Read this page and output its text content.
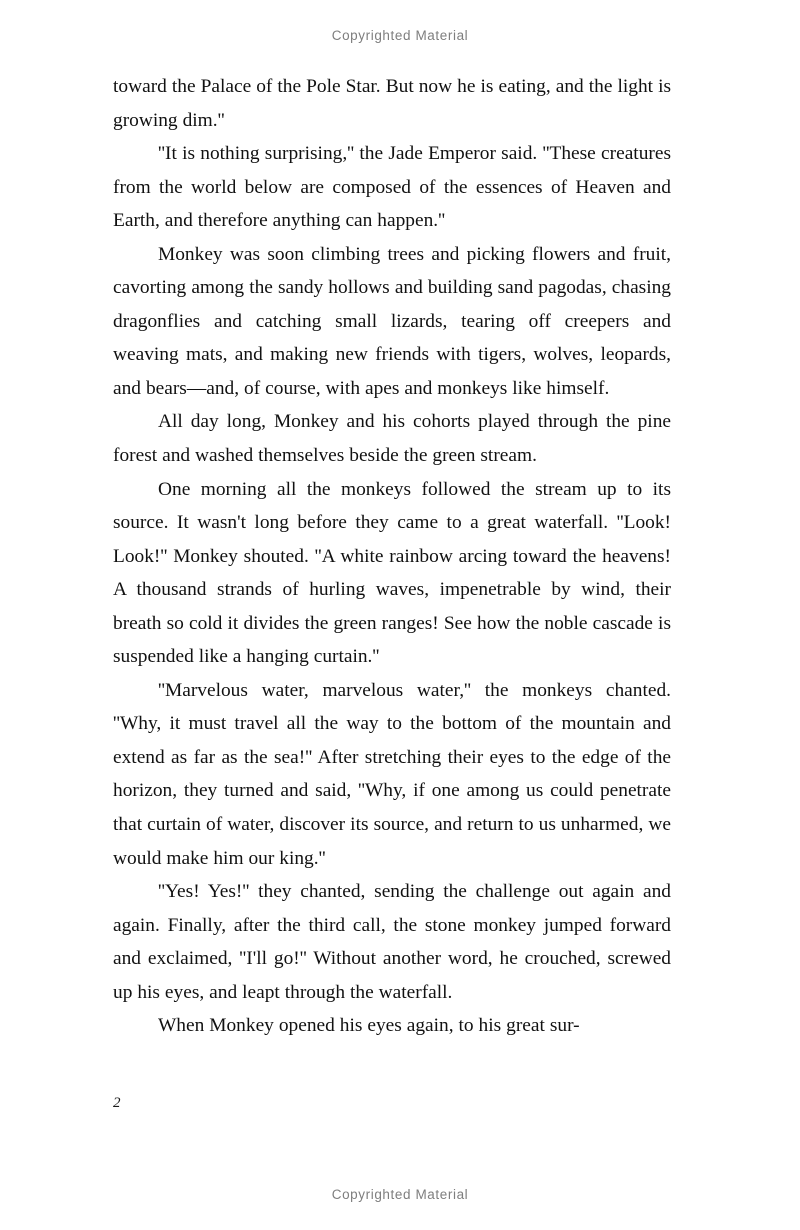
Copyrighted Material

toward the Palace of the Pole Star. But now he is eating, and the light is growing dim.''

''It is nothing surprising,'' the Jade Emperor said. ''These creatures from the world below are composed of the essences of Heaven and Earth, and therefore anything can happen.''

Monkey was soon climbing trees and picking flowers and fruit, cavorting among the sandy hollows and building sand pagodas, chasing dragonflies and catching small lizards, tearing off creepers and weaving mats, and making new friends with tigers, wolves, leopards, and bears—and, of course, with apes and monkeys like himself.

All day long, Monkey and his cohorts played through the pine forest and washed themselves beside the green stream.

One morning all the monkeys followed the stream up to its source. It wasn't long before they came to a great waterfall. ''Look! Look!'' Monkey shouted. ''A white rainbow arcing toward the heavens! A thousand strands of hurling waves, impenetrable by wind, their breath so cold it divides the green ranges! See how the noble cascade is suspended like a hanging curtain.''

''Marvelous water, marvelous water,'' the monkeys chanted. ''Why, it must travel all the way to the bottom of the mountain and extend as far as the sea!'' After stretching their eyes to the edge of the horizon, they turned and said, ''Why, if one among us could penetrate that curtain of water, discover its source, and return to us unharmed, we would make him our king.''

''Yes! Yes!'' they chanted, sending the challenge out again and again. Finally, after the third call, the stone monkey jumped forward and exclaimed, ''I'll go!'' Without another word, he crouched, screwed up his eyes, and leapt through the waterfall.

When Monkey opened his eyes again, to his great sur-

2
Copyrighted Material
